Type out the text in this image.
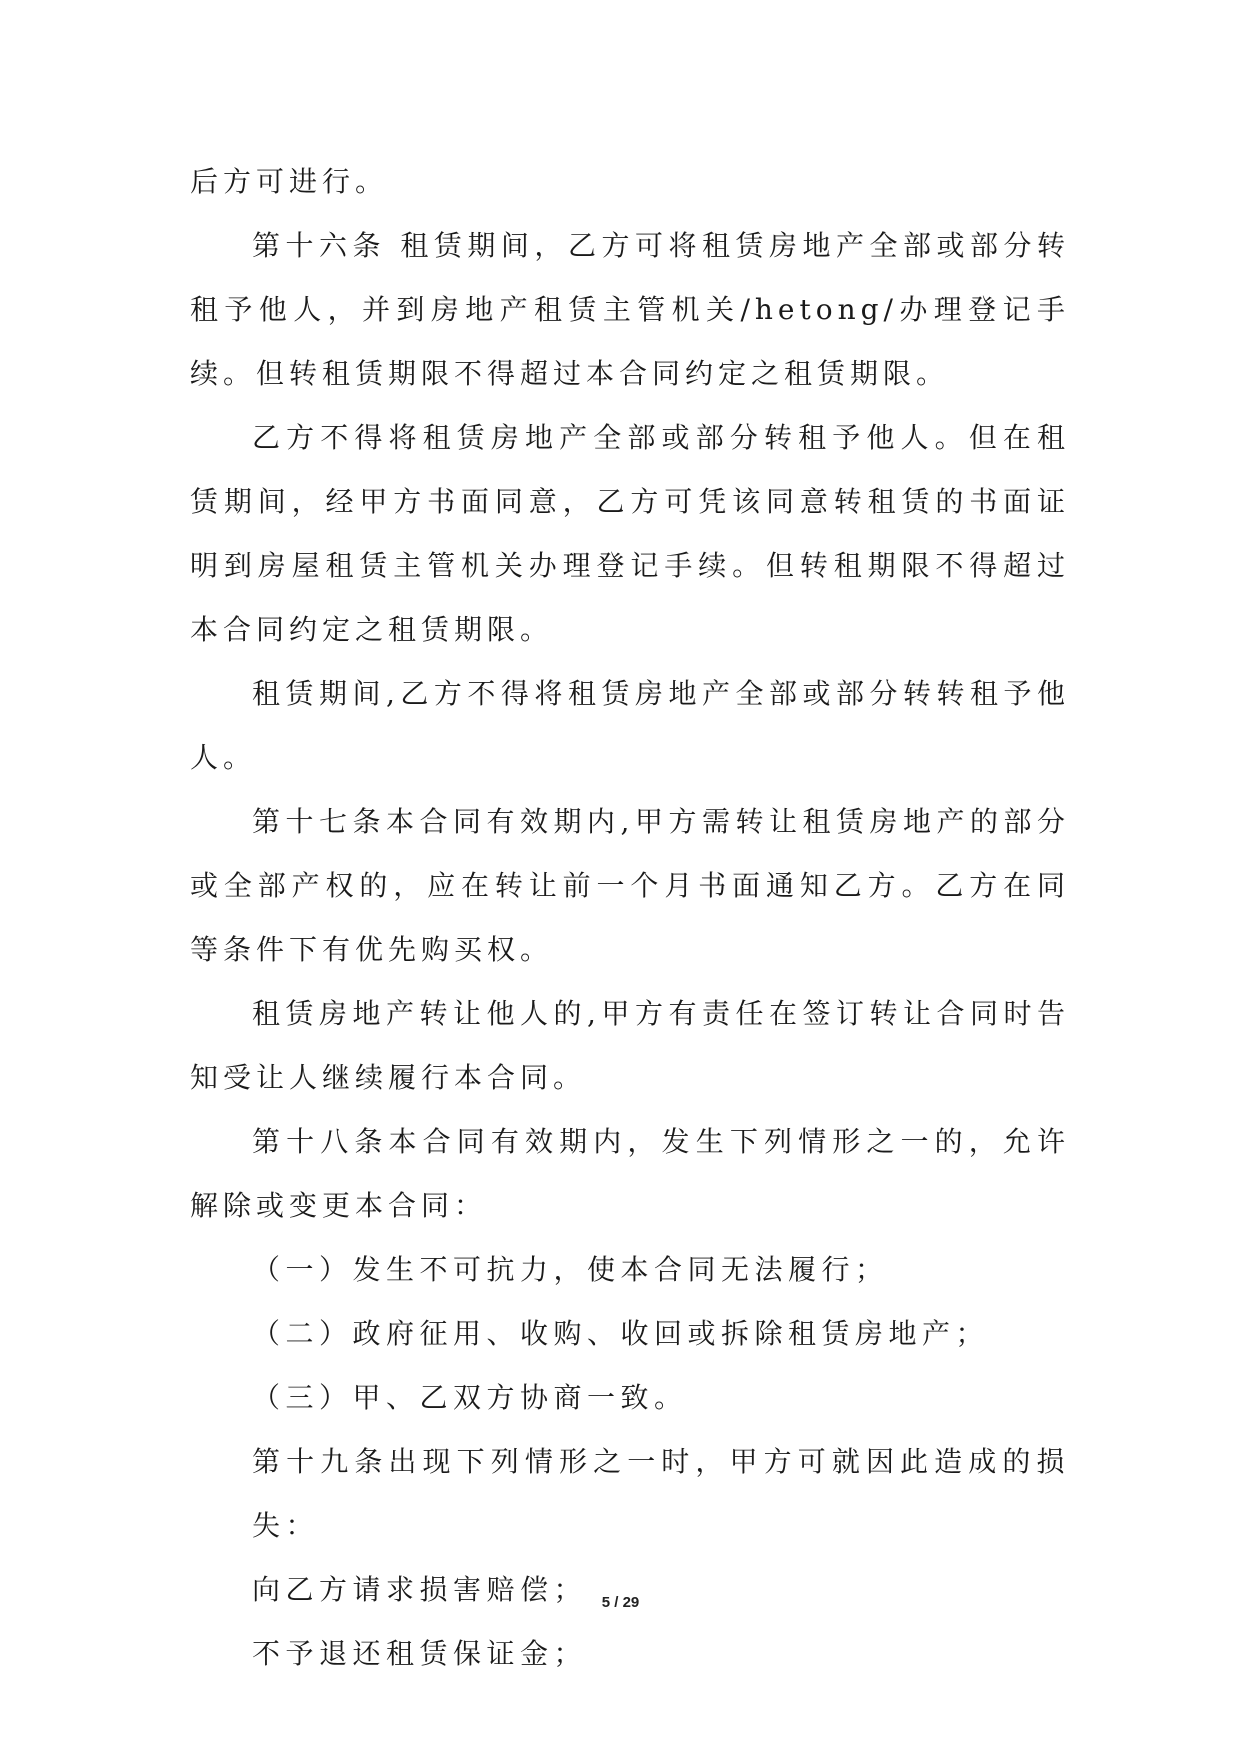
后方可进行。

第十六条 租赁期间，乙方可将租赁房地产全部或部分转租予他人，并到房地产租赁主管机关/hetong/办理登记手续。但转租赁期限不得超过本合同约定之租赁期限。

乙方不得将租赁房地产全部或部分转租予他人。但在租赁期间，经甲方书面同意，乙方可凭该同意转租赁的书面证明到房屋租赁主管机关办理登记手续。但转租期限不得超过本合同约定之租赁期限。

租赁期间,乙方不得将租赁房地产全部或部分转转租予他人。

第十七条本合同有效期内,甲方需转让租赁房地产的部分或全部产权的，应在转让前一个月书面通知乙方。乙方在同等条件下有优先购买权。

租赁房地产转让他人的,甲方有责任在签订转让合同时告知受让人继续履行本合同。

第十八条本合同有效期内，发生下列情形之一的，允许解除或变更本合同：

（一）发生不可抗力，使本合同无法履行；

（二）政府征用、收购、收回或拆除租赁房地产；

（三）甲、乙双方协商一致。

第十九条出现下列情形之一时，甲方可就因此造成的损失：

向乙方请求损害赔偿；

不予退还租赁保证金；

5 / 29
